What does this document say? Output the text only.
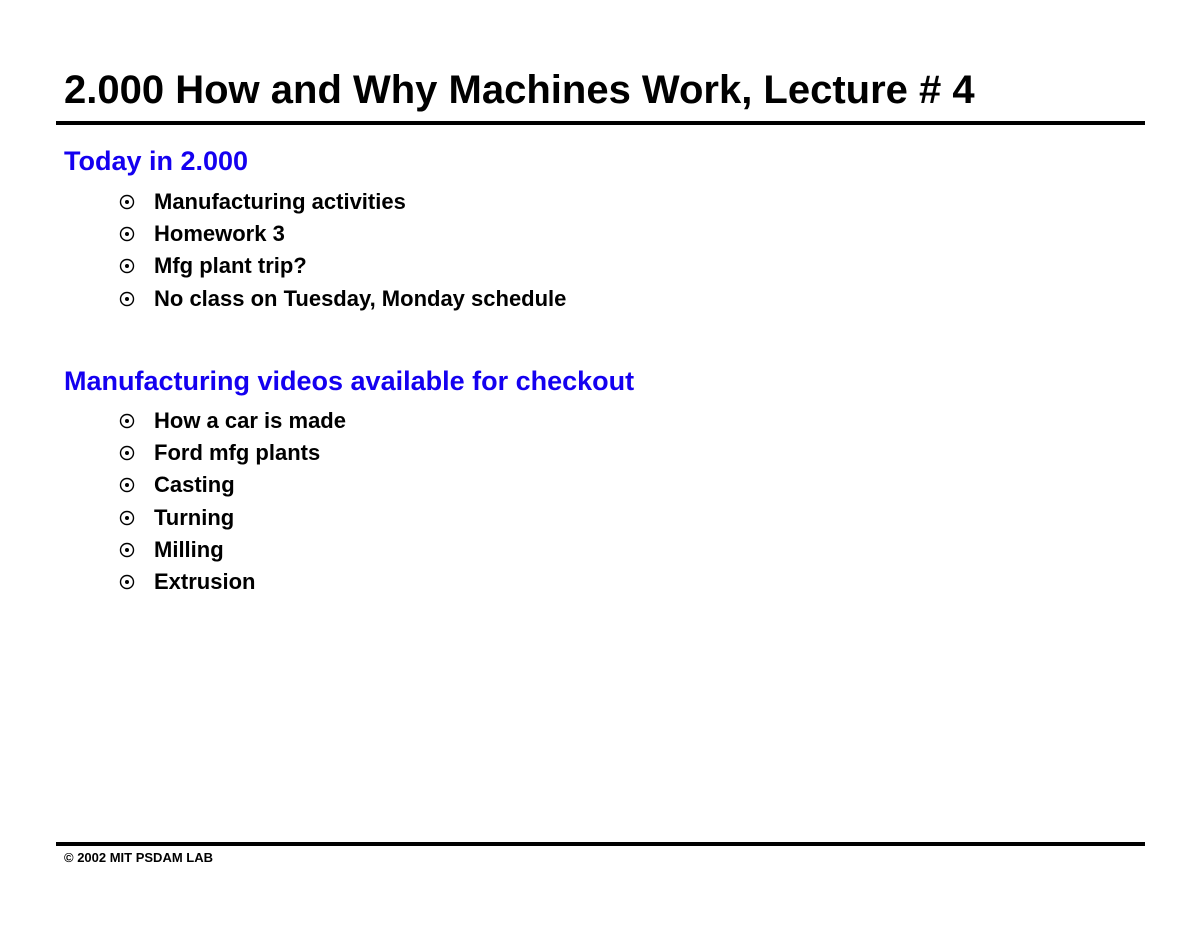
2.000 How and Why Machines Work, Lecture # 4
Today in 2.000
Manufacturing activities
Homework 3
Mfg plant trip?
No class on Tuesday, Monday schedule
Manufacturing videos available for checkout
How a car is made
Ford mfg plants
Casting
Turning
Milling
Extrusion

© 2002 MIT PSDAM LAB
